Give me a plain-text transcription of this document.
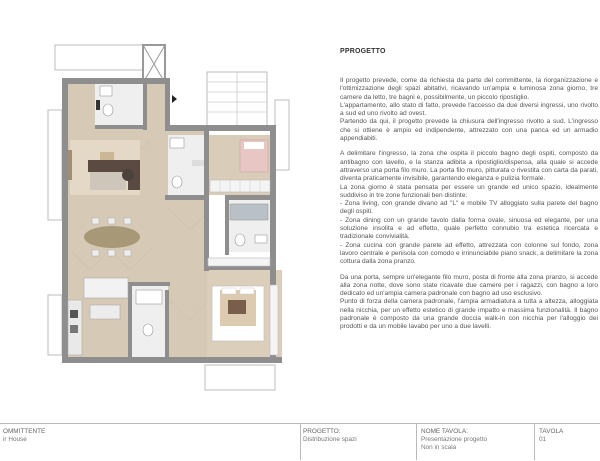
PPROGETTO

Il progetto prevede, come da richiesta da parte del committente, la riorganizzazione e l'ottimizzazione degli spazi abitativi, ricavando un'ampia e luminosa zona giorno, tre camere da letto, tre bagni e, possibilmente, un piccolo ripostiglio.

L'appartamento, allo stato di fatto, prevede l'accesso da due diversi ingressi, uno rivolto a sud ed uno rivolto ad ovest.

Partendo da qui, il progetto prevede la chiusura dell'ingresso rivolto a sud. L'ingresso che si ottiene è ampio ed indipendente, attrezzato con una panca ed un armadio appendiabiti.

A delimitare l'ingresso, la zona che ospita il piccolo bagno degli ospiti, composto da antibagno con lavello, e la stanza adibita a ripostiglio/dispensa, alla quale si accede attraverso una porta filo muro. La porta filo muro, pitturata o rivestita con carta da parati, diventa praticamente invisibile, garantendo eleganza e pulizia formale.

La zona giorno è stata pensata per essere un grande ed unico spazio, idealmente suddiviso in tre zone funzionali ben distinte:

- Zona living, con grande divano ad "L" e mobile TV alloggiato sulla parete del bagno degli ospiti.

- Zona dining con un grande tavolo dalla forma ovale, sinuosa ed elegante, per una soluzione insolita e ad effetto, quale perfetto connubio tra estetica ricercata e tradizionale convivialità.

- Zona cucina con grande parete ad effetto, attrezzata con colonne sul fondo, zona lavoro centrale e penisola con comodo e irrinunciabile piano snack, a delimitare la zona cottura dalla zona pranzo.

Da una porta, sempre un'elegante filo muro, posta di fronte alla zona pranzo, si accede alla zona notte, dove sono state ricavate due camere per i ragazzi, con bagno a loro dedicato ed un'ampia camera padronale con bagno ad uso esclusivo.

Punto di forza della camera padronale, l'ampia armadiatura a tutta a altezza, alloggiata nella nicchia, per un effetto estetico di grande impatto e massima funzionalità. Il bagno padronale è composto da una grande doccia walk-in con nicchia per l'alloggio dei prodotti e da un mobile lavabo per uno a due lavelli.

OMMITTENTE
ir House
PROGETTO:
Distribuzione spazi
NOME TAVOLA:
Presentazione progetto
Non in scala
TAVOLA
01
